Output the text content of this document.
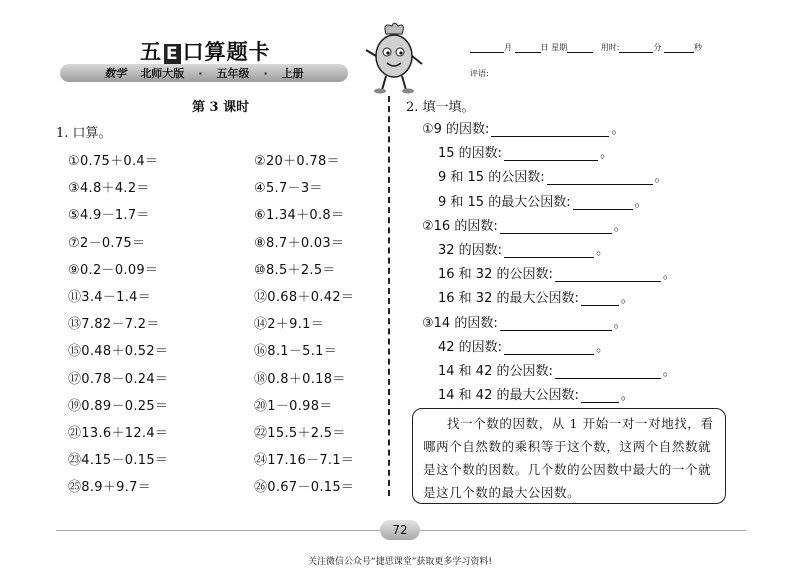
五 E 口算题卡
数学 北师大版 · 五年级 · 上册
月	日 星期	用时:	分	秒
评语:
第 3 课时
1. 口算。
①0.75＋0.4＝
③4.8＋4.2＝
⑤4.9－1.7＝
⑦2－0.75＝
⑨0.2－0.09＝
⑪3.4－1.4＝
⑬7.82－7.2＝
⑮0.48＋0.52＝
⑰0.78－0.24＝
⑲0.89－0.25＝
㉑13.6＋12.4＝
㉓4.15－0.15＝
㉕8.9＋9.7＝
②20＋0.78＝
④5.7－3＝
⑥1.34＋0.8＝
⑧8.7＋0.03＝
⑩8.5＋2.5＝
⑫0.68＋0.42＝
⑭2＋9.1＝
⑯8.1－5.1＝
⑱0.8＋0.18＝
⑳1－0.98＝
㉒15.5＋2.5＝
㉔17.16－7.1＝
㉖0.67－0.15＝
2. 填一填。
①9 的因数:	。
15 的因数:	。
9 和 15 的公因数:	。
9 和 15 的最大公因数:	。
②16 的因数:	。
32 的因数:	。
16 和 32 的公因数:	。
16 和 32 的最大公因数:	。
③14 的因数:	。
42 的因数:	。
14 和 42 的公因数:	。
14 和 42 的最大公因数:	。
找一个数的因数，从 1 开始一对一对地找，看哪两个自然数的乘积等于这个数，这两个自然数就是这个数的因数。几个数的公因数中最大的一个就是这几个数的最大公因数。
72
关注微信公众号“捷思课堂”获取更多学习资料!
